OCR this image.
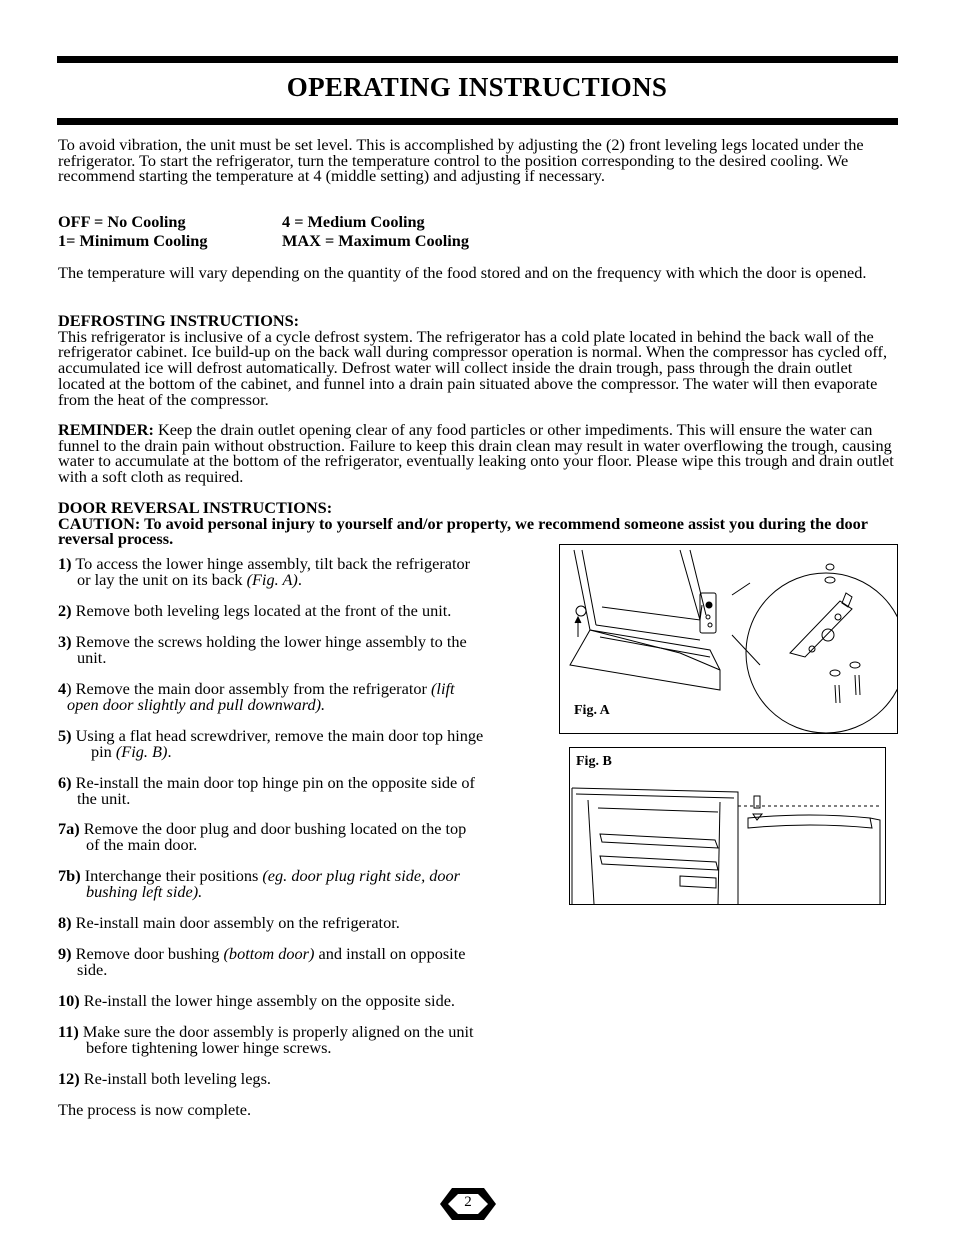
OPERATING INSTRUCTIONS
To avoid vibration, the unit must be set level. This is accomplished by adjusting the (2) front leveling legs located under the refrigerator. To start the refrigerator, turn the temperature control to the position corresponding to the desired cooling. We recommend starting the temperature at 4 (middle setting) and adjusting if necessary.
OFF = No Cooling	4 = Medium Cooling
1= Minimum Cooling	MAX = Maximum Cooling
The temperature will vary depending on the quantity of the food stored and on the frequency with which the door is opened.
DEFROSTING INSTRUCTIONS:
This refrigerator is inclusive of a cycle defrost system. The refrigerator has a cold plate located in behind the back wall of the refrigerator cabinet. Ice build-up on the back wall during compressor operation is normal. When the compressor has cycled off, accumulated ice will defrost automatically. Defrost water will collect inside the drain trough, pass through the drain outlet located at the bottom of the cabinet, and funnel into a drain pain situated above the compressor. The water will then evaporate from the heat of the compressor.
REMINDER: Keep the drain outlet opening clear of any food particles or other impediments. This will ensure the water can funnel to the drain pain without obstruction. Failure to keep this drain clean may result in water overflowing the trough, causing water to accumulate at the bottom of the refrigerator, eventually leaking onto your floor. Please wipe this trough and drain outlet with a soft cloth as required.
DOOR REVERSAL INSTRUCTIONS:
CAUTION: To avoid personal injury to yourself and/or property, we recommend someone assist you during the door reversal process.
1) To access the lower hinge assembly, tilt back the refrigerator
or lay the unit on its back (Fig. A).
2) Remove both leveling legs located at the front of the unit.
3) Remove the screws holding the lower hinge assembly to the
unit.
4) Remove the main door assembly from the refrigerator (lift
open door slightly and pull downward).
5) Using a flat head screwdriver, remove the main door top hinge
pin (Fig. B).
6) Re-install the main door top hinge pin on the opposite side of
the unit.
7a) Remove the door plug and door bushing located on the top
of the main door.
7b) Interchange their positions (eg. door plug right side, door
bushing left side).
8) Re-install main door assembly on the refrigerator.
9) Remove door bushing (bottom door) and install on opposite
side.
10) Re-install the lower hinge assembly on the opposite side.
11) Make sure the door assembly is properly aligned on the unit
before tightening lower hinge screws.
12) Re-install both leveling legs.
The process is now complete.
Fig. A
Fig. B
2
